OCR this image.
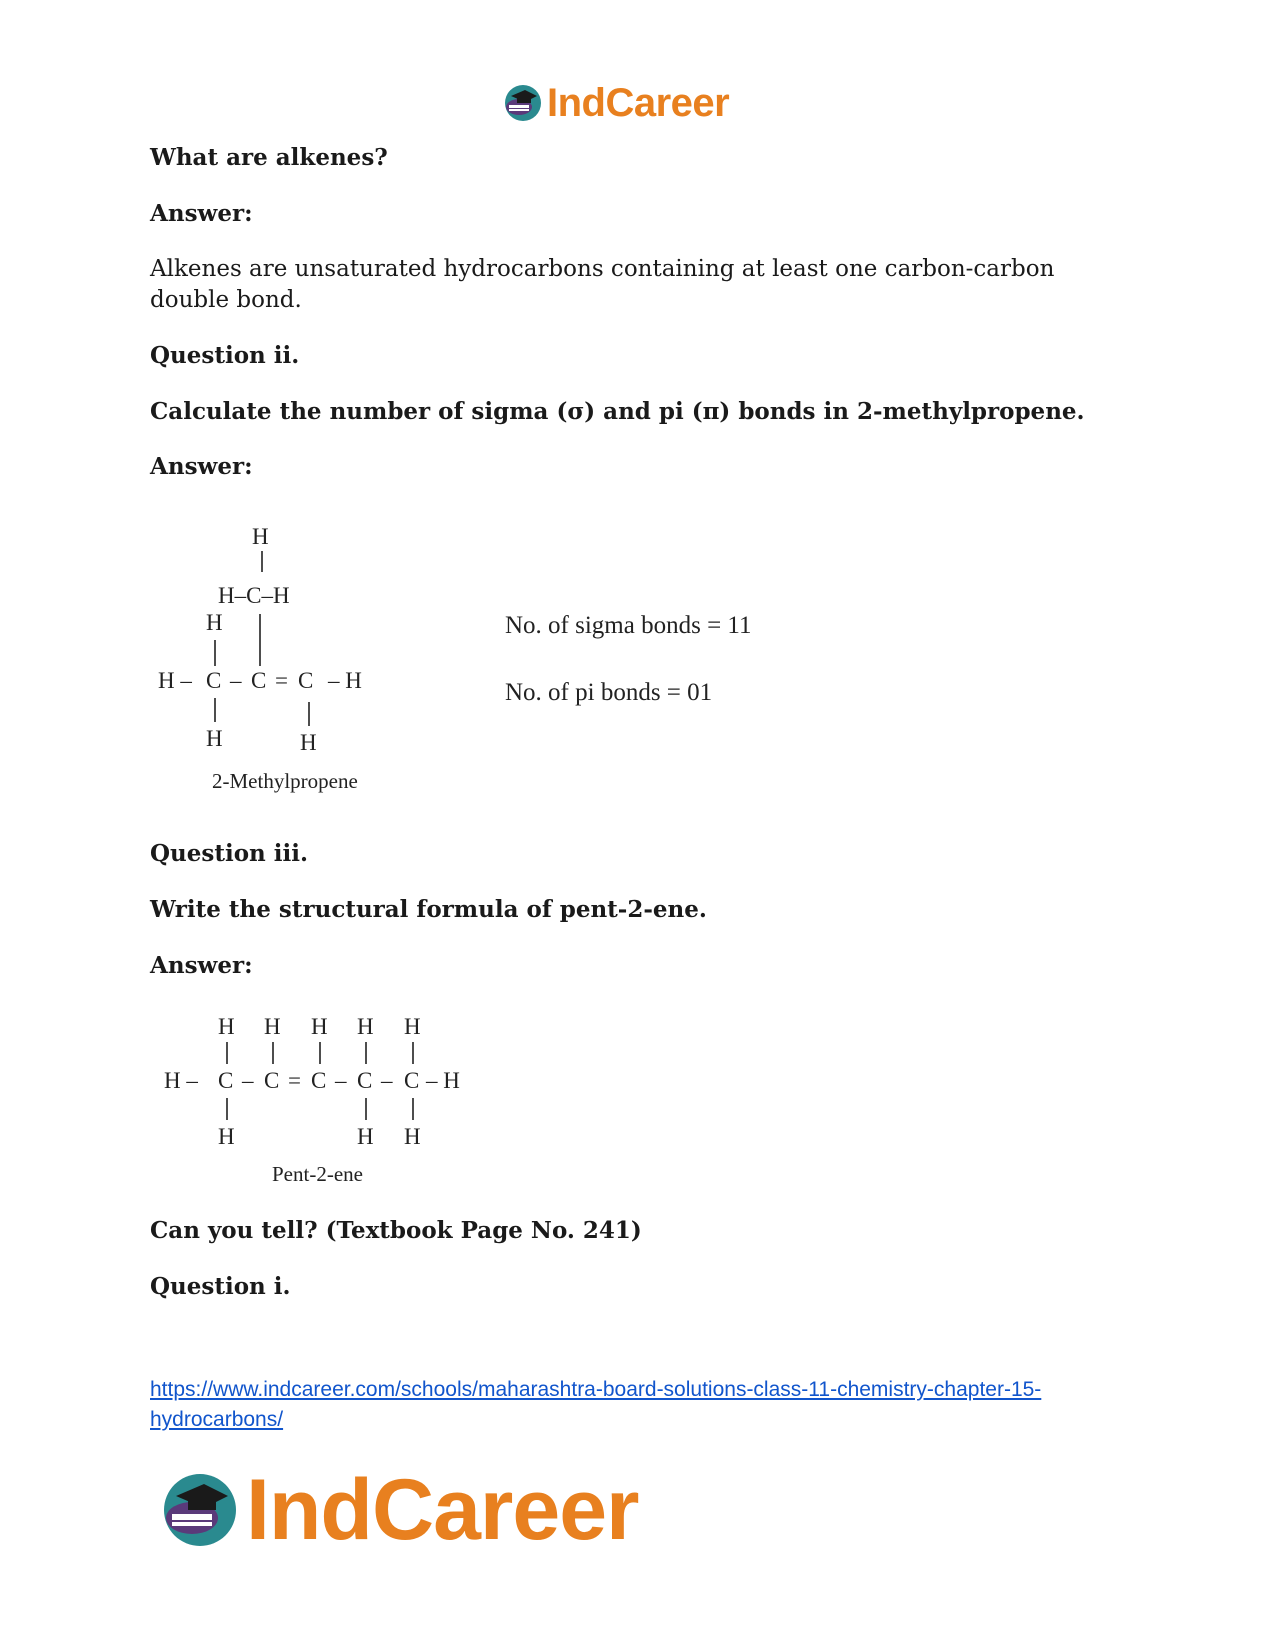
IndCareer
What are alkenes?
Answer:
Alkenes are unsaturated hydrocarbons containing at least one carbon-carbon double bond.
Question ii.
Calculate the number of sigma (σ) and pi (π) bonds in 2-methylpropene.
Answer:
H
H–C–H
H
H – C – C = C – H
H	H
2-Methylpropene
No. of sigma bonds = 11
No. of pi bonds = 01
Question iii.
Write the structural formula of pent-2-ene.
Answer:
H H H H H
H – C – C = C – C – C – H
H	H H
Pent-2-ene
Can you tell? (Textbook Page No. 241)
Question i.
https://www.indcareer.com/schools/maharashtra-board-solutions-class-11-chemistry-chapter-15-hydrocarbons/
IndCareer
